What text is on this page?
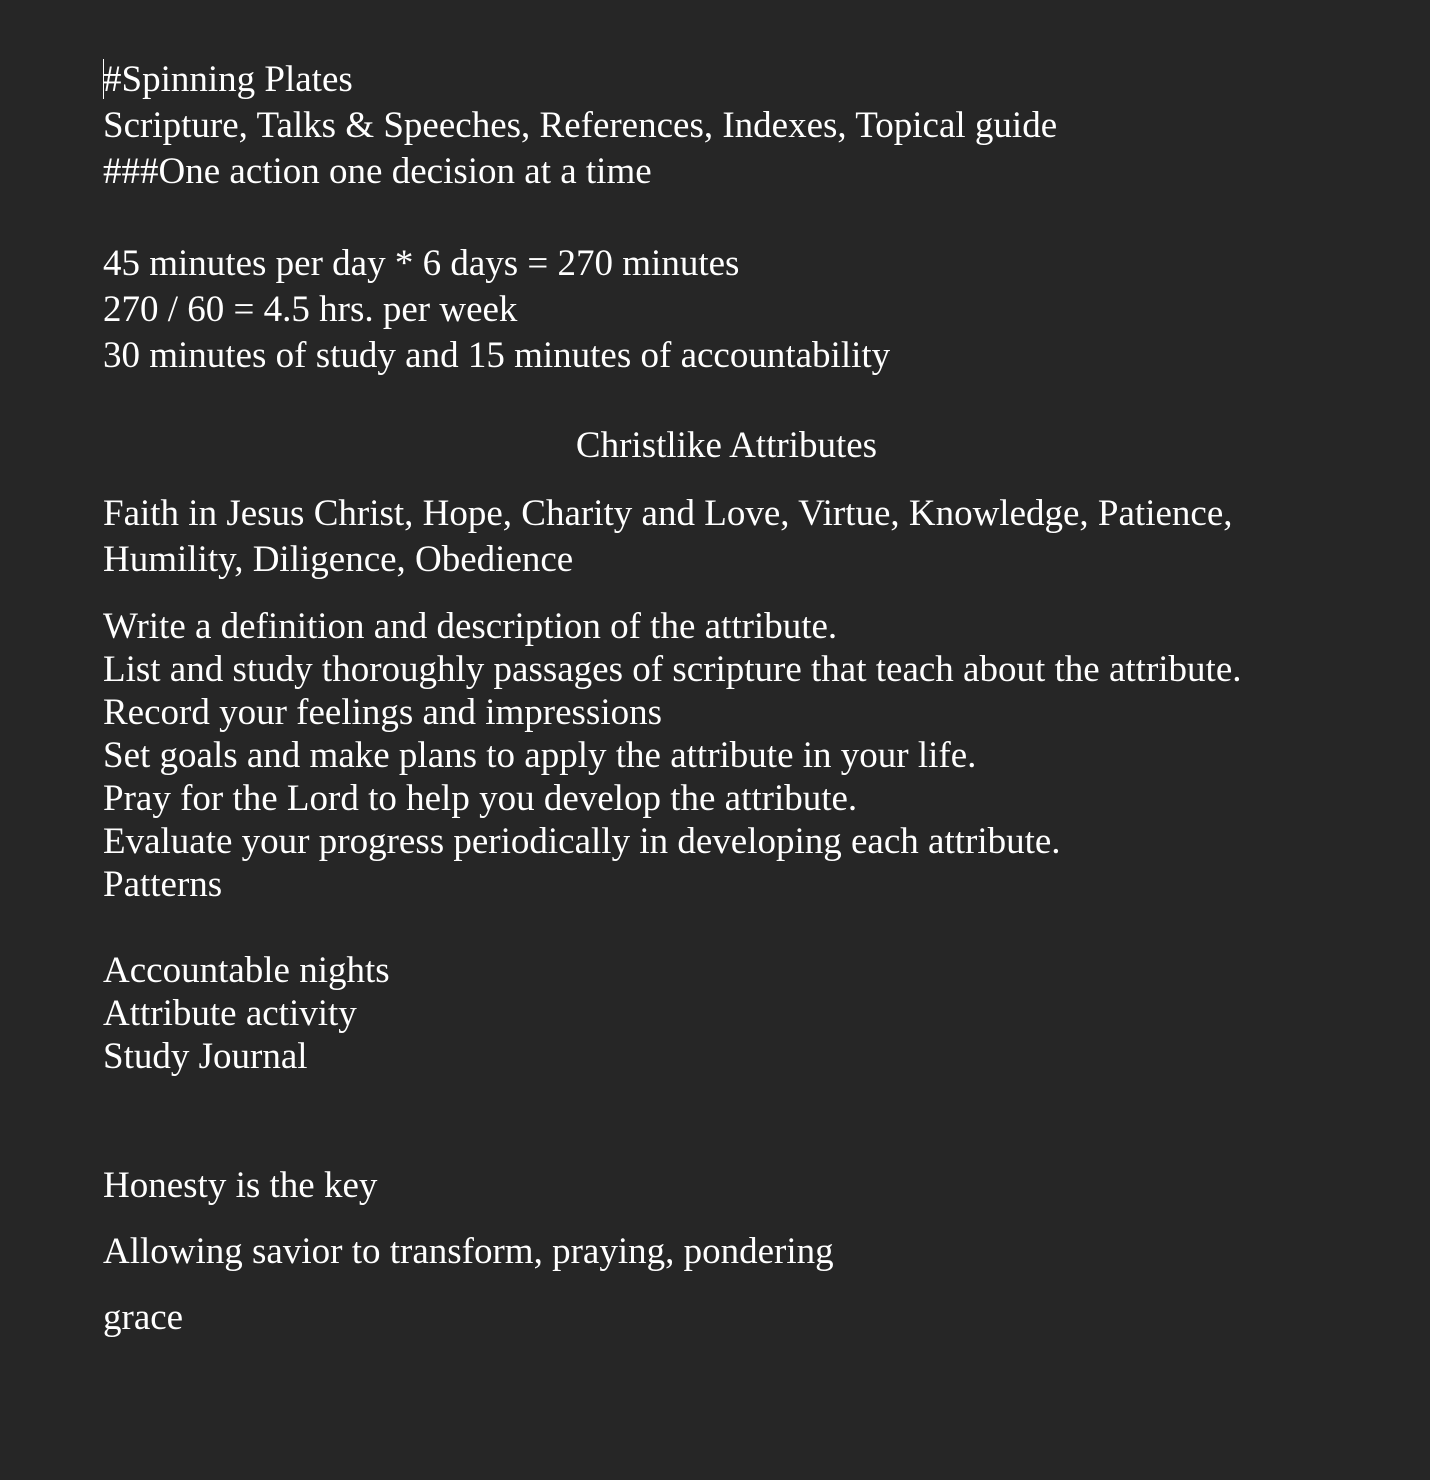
#Spinning Plates
Scripture, Talks & Speeches, References, Indexes, Topical guide
###One action one decision at a time
45 minutes per day * 6 days = 270 minutes
270 / 60 = 4.5 hrs. per week
30 minutes of study and 15 minutes of accountability
Christlike Attributes
Faith in Jesus Christ, Hope, Charity and Love, Virtue, Knowledge, Patience, Humility, Diligence, Obedience
Write a definition and description of the attribute.
List and study thoroughly passages of scripture that teach about the attribute.
Record your feelings and impressions
Set goals and make plans to apply the attribute in your life.
Pray for the Lord to help you develop the attribute.
Evaluate your progress periodically in developing each attribute.
Patterns
Accountable nights
Attribute activity
Study Journal
Honesty is the key
Allowing savior to transform, praying, pondering
grace
